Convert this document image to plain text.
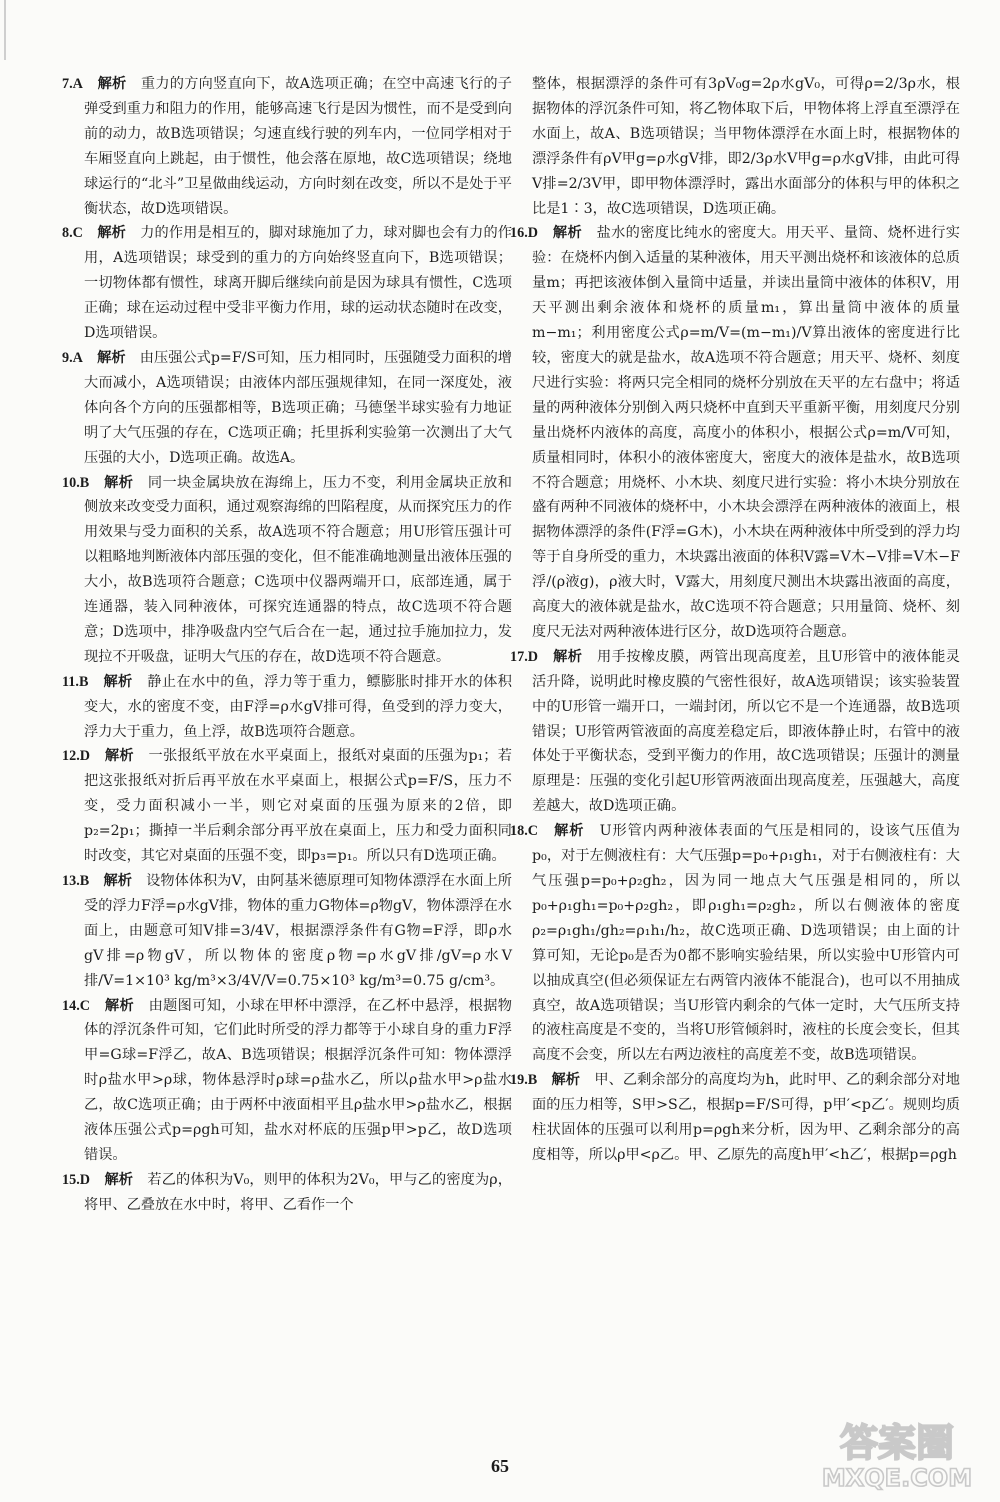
7.A　 解析　 重力的方向竖直向下，故A选项正确；在空中高速飞行的子弹受到重力和阻力的作用，能够高速飞行是因为惯性，而不是受到向前的动力，故B选项错误；匀速直线行驶的列车内，一位同学相对于车厢竖直向上跳起，由于惯性，他会落在原地，故C选项错误；绕地球运行的“北斗”卫星做曲线运动，方向时刻在改变，所以不是处于平衡状态，故D选项错误。

8.C　 解析　 力的作用是相互的，脚对球施加了力，球对脚也会有力的作用，A选项错误；球受到的重力的方向始终竖直向下，B选项错误；一切物体都有惯性，球离开脚后继续向前是因为球具有惯性，C选项正确；球在运动过程中受非平衡力作用，球的运动状态随时在改变，D选项错误。

9.A　 解析　 由压强公式p=F/S可知，压力相同时，压强随受力面积的增大而减小，A选项错误；由液体内部压强规律知，在同一深度处，液体向各个方向的压强都相等，B选项正确；马德堡半球实验有力地证明了大气压强的存在，C选项正确；托里拆利实验第一次测出了大气压强的大小，D选项正确。故选A。

10.B　 解析　 同一块金属块放在海绵上，压力不变，利用金属块正放和侧放来改变受力面积，通过观察海绵的凹陷程度，从而探究压力的作用效果与受力面积的关系，故A选项不符合题意；用U形管压强计可以粗略地判断液体内部压强的变化，但不能准确地测量出液体压强的大小，故B选项符合题意；C选项中仪器两端开口，底部连通，属于连通器，装入同种液体，可探究连通器的特点，故C选项不符合题意；D选项中，排净吸盘内空气后合在一起，通过拉手施加拉力，发现拉不开吸盘，证明大气压的存在，故D选项不符合题意。

11.B　 解析　 静止在水中的鱼，浮力等于重力，鳔膨胀时排开水的体积变大，水的密度不变，由F浮=ρ水gV排可得，鱼受到的浮力变大，浮力大于重力，鱼上浮，故B选项符合题意。

12.D　 解析　 一张报纸平放在水平桌面上，报纸对桌面的压强为p₁；若把这张报纸对折后再平放在水平桌面上，根据公式p=F/S，压力不变，受力面积减小一半，则它对桌面的压强为原来的2倍，即p₂=2p₁；撕掉一半后剩余部分再平放在桌面上，压力和受力面积同时改变，其它对桌面的压强不变，即p₃=p₁。所以只有D选项正确。

13.B　 解析　 设物体体积为V，由阿基米德原理可知物体漂浮在水面上所受的浮力F浮=ρ水gV排，物体的重力G物体=ρ物gV，物体漂浮在水面上，由题意可知V排=3/4V，根据漂浮条件有G物=F浮，即ρ水gV排=ρ物gV，所以物体的密度ρ物=ρ水gV排/gV=ρ水V排/V=1×10³ kg/m³×3/4V/V=0.75×10³ kg/m³=0.75 g/cm³。

14.C　 解析　 由题图可知，小球在甲杯中漂浮，在乙杯中悬浮，根据物体的浮沉条件可知，它们此时所受的浮力都等于小球自身的重力F浮甲=G球=F浮乙，故A、B选项错误；根据浮沉条件可知：物体漂浮时ρ盐水甲>ρ球，物体悬浮时ρ球=ρ盐水乙，所以ρ盐水甲>ρ盐水乙，故C选项正确；由于两杯中液面相平且ρ盐水甲>ρ盐水乙，根据液体压强公式p=ρgh可知，盐水对杯底的压强p甲>p乙，故D选项错误。

15.D　 解析　 若乙的体积为V₀，则甲的体积为2V₀，甲与乙的密度为ρ，将甲、乙叠放在水中时，将甲、乙看作一个

整体，根据漂浮的条件可有3ρV₀g=2ρ水gV₀，可得ρ=2/3ρ水，根据物体的浮沉条件可知，将乙物体取下后，甲物体将上浮直至漂浮在水面上，故A、B选项错误；当甲物体漂浮在水面上时，根据物体的漂浮条件有ρV甲g=ρ水gV排，即2/3ρ水V甲g=ρ水gV排，由此可得V排=2/3V甲，即甲物体漂浮时，露出水面部分的体积与甲的体积之比是1∶3，故C选项错误，D选项正确。

16.D　 解析　 盐水的密度比纯水的密度大。用天平、量筒、烧杯进行实验：在烧杯内倒入适量的某种液体，用天平测出烧杯和该液体的总质量m；再把该液体倒入量筒中适量，并读出量筒中液体的体积V，用天平测出剩余液体和烧杯的质量m₁，算出量筒中液体的质量m−m₁；利用密度公式ρ=m/V=(m−m₁)/V算出液体的密度进行比较，密度大的就是盐水，故A选项不符合题意；用天平、烧杯、刻度尺进行实验：将两只完全相同的烧杯分别放在天平的左右盘中；将适量的两种液体分别倒入两只烧杯中直到天平重新平衡，用刻度尺分别量出烧杯内液体的高度，高度小的体积小，根据公式ρ=m/V可知，质量相同时，体积小的液体密度大，密度大的液体是盐水，故B选项不符合题意；用烧杯、小木块、刻度尺进行实验：将小木块分别放在盛有两种不同液体的烧杯中，小木块会漂浮在两种液体的液面上，根据物体漂浮的条件(F浮=G木)，小木块在两种液体中所受到的浮力均等于自身所受的重力，木块露出液面的体积V露=V木−V排=V木−F浮/(ρ液g)，ρ液大时，V露大，用刻度尺测出木块露出液面的高度，高度大的液体就是盐水，故C选项不符合题意；只用量筒、烧杯、刻度尺无法对两种液体进行区分，故D选项符合题意。

17.D　 解析　 用手按橡皮膜，两管出现高度差，且U形管中的液体能灵活升降，说明此时橡皮膜的气密性很好，故A选项错误；该实验装置中的U形管一端开口，一端封闭，所以它不是一个连通器，故B选项错误；U形管两管液面的高度差稳定后，即液体静止时，右管中的液体处于平衡状态，受到平衡力的作用，故C选项错误；压强计的测量原理是：压强的变化引起U形管两液面出现高度差，压强越大，高度差越大，故D选项正确。

18.C　 解析　 U形管内两种液体表面的气压是相同的，设该气压值为p₀，对于左侧液柱有：大气压强p=p₀+ρ₁gh₁，对于右侧液柱有：大气压强p=p₀+ρ₂gh₂，因为同一地点大气压强是相同的，所以p₀+ρ₁gh₁=p₀+ρ₂gh₂，即ρ₁gh₁=ρ₂gh₂，所以右侧液体的密度ρ₂=ρ₁gh₁/gh₂=ρ₁h₁/h₂，故C选项正确、D选项错误；由上面的计算可知，无论p₀是否为0都不影响实验结果，所以实验中U形管内可以抽成真空(但必须保证左右两管内液体不能混合)，也可以不用抽成真空，故A选项错误；当U形管内剩余的气体一定时，大气压所支持的液柱高度是不变的，当将U形管倾斜时，液柱的长度会变长，但其高度不会变，所以左右两边液柱的高度差不变，故B选项错误。

19.B　 解析　 甲、乙剩余部分的高度均为h，此时甲、乙的剩余部分对地面的压力相等，S甲>S乙，根据p=F/S可得，p甲′<p乙′。规则均质柱状固体的压强可以利用p=ρgh来分析，因为甲、乙剩余部分的高度相等，所以ρ甲<ρ乙。甲、乙原先的高度h甲′<h乙′，根据p=ρgh

65
答案圈
MXQE.COM
